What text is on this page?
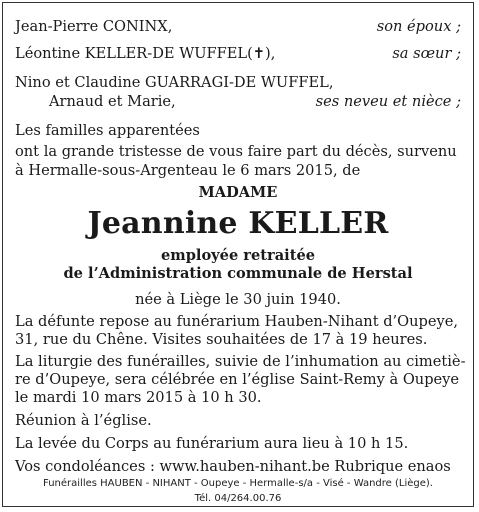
Jean-Pierre CONINX,	son époux ;
Léontine KELLER-DE WUFFEL(✝),	sa sœur ;
Nino et Claudine GUARRAGI-DE WUFFEL,
Arnaud et Marie,	ses neveu et nièce ;
Les familles apparentées
ont la grande tristesse de vous faire part du décès, survenu
à Hermalle-sous-Argenteau le 6 mars 2015, de
MADAME
Jeannine KELLER
employée retraitée
de l’Administration communale de Herstal
née à Liège le 30 juin 1940.
La défunte repose au funérarium Hauben-Nihant d’Oupeye,
31, rue du Chêne. Visites souhaitées de 17 à 19 heures.
La liturgie des funérailles, suivie de l’inhumation au cimetiè-
re d’Oupeye, sera célébrée en l’église Saint-Remy à Oupeye
le mardi 10 mars 2015 à 10 h 30.
Réunion à l’église.
La levée du Corps au funérarium aura lieu à 10 h 15.
Vos condoléances : www.hauben-nihant.be Rubrique enaos
Funérailles HAUBEN - NIHANT - Oupeye - Hermalle-s/a - Visé - Wandre (Liège).
Tél. 04/264.00.76
